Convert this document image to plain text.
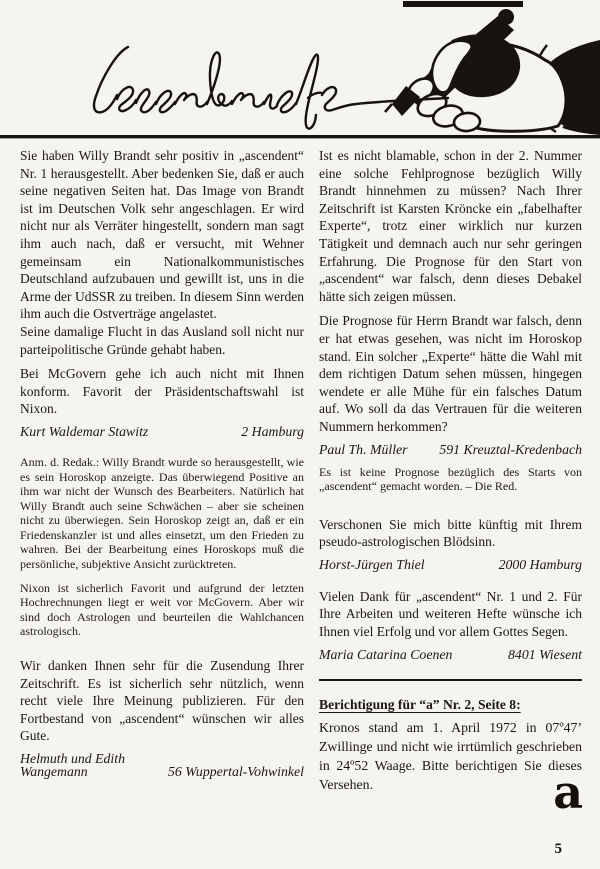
Sie haben Willy Brandt sehr positiv in „ascendent“ Nr. 1 herausgestellt. Aber bedenken Sie, daß er auch seine negativen Seiten hat. Das Image von Brandt ist im Deutschen Volk sehr angeschlagen. Er wird nicht nur als Verräter hingestellt, sondern man sagt ihm auch nach, daß er versucht, mit Wehner gemeinsam ein Nationalkommunistisches Deutschland aufzubauen und gewillt ist, uns in die Arme der UdSSR zu treiben. In diesem Sinn werden ihm auch die Ostverträge angelastet.

Seine damalige Flucht in das Ausland soll nicht nur parteipolitische Gründe gehabt haben.

Bei McGovern gehe ich auch nicht mit Ihnen konform. Favorit der Präsidentschaftswahl ist Nixon.

Kurt Waldemar Stawitz	2 Hamburg

Anm. d. Redak.: Willy Brandt wurde so herausgestellt, wie es sein Horoskop anzeigte. Das überwiegend Positive an ihm war nicht der Wunsch des Bearbeiters. Natürlich hat Willy Brandt auch seine Schwächen – aber sie scheinen nicht zu überwiegen. Sein Horoskop zeigt an, daß er ein Friedenskanzler ist und alles einsetzt, um den Frieden zu wahren. Bei der Bearbeitung eines Horoskops muß die persönliche, subjektive Ansicht zurücktreten.

Nixon ist sicherlich Favorit und aufgrund der letzten Hochrechnungen liegt er weit vor McGovern. Aber wir sind doch Astrologen und beurteilen die Wahlchancen astrologisch.

Wir danken Ihnen sehr für die Zusendung Ihrer Zeitschrift. Es ist sicherlich sehr nützlich, wenn recht viele Ihre Meinung publizieren. Für den Fortbestand von „ascendent“ wünschen wir alles Gute.

Helmuth und Edith
Wangemann	56 Wuppertal-Vohwinkel

Ist es nicht blamable, schon in der 2. Nummer eine solche Fehlprognose bezüglich Willy Brandt hinnehmen zu müssen? Nach Ihrer Zeitschrift ist Karsten Kröncke ein „fabelhafter Experte“, trotz einer wirklich nur kurzen Tätigkeit und demnach auch nur sehr geringen Erfahrung. Die Prognose für den Start von „ascendent“ war falsch, denn dieses Debakel hätte sich zeigen müssen.

Die Prognose für Herrn Brandt war falsch, denn er hat etwas gesehen, was nicht im Horoskop stand. Ein solcher „Experte“ hätte die Wahl mit dem richtigen Datum sehen müssen, hingegen wendete er alle Mühe für ein falsches Datum auf. Wo soll da das Vertrauen für die weiteren Nummern herkommen?

Paul Th. Müller 591 Kreuztal-Kredenbach

Es ist keine Prognose bezüglich des Starts von „ascendent“ gemacht worden. – Die Red.

Verschonen Sie mich bitte künftig mit Ihrem pseudo-astrologischen Blödsinn.

Horst-Jürgen Thiel	2000 Hamburg

Vielen Dank für „ascendent“ Nr. 1 und 2. Für Ihre Arbeiten und weiteren Hefte wünsche ich Ihnen viel Erfolg und vor allem Gottes Segen.

Maria Catarina Coenen	8401 Wiesent
Berichtigung für “a” Nr. 2, Seite 8:

Kronos stand am 1. April 1972 in 07º47’ Zwillinge und nicht wie irrtümlich geschrieben in 24º52 Waage. Bitte berichtigen Sie dieses Versehen.	a
5
